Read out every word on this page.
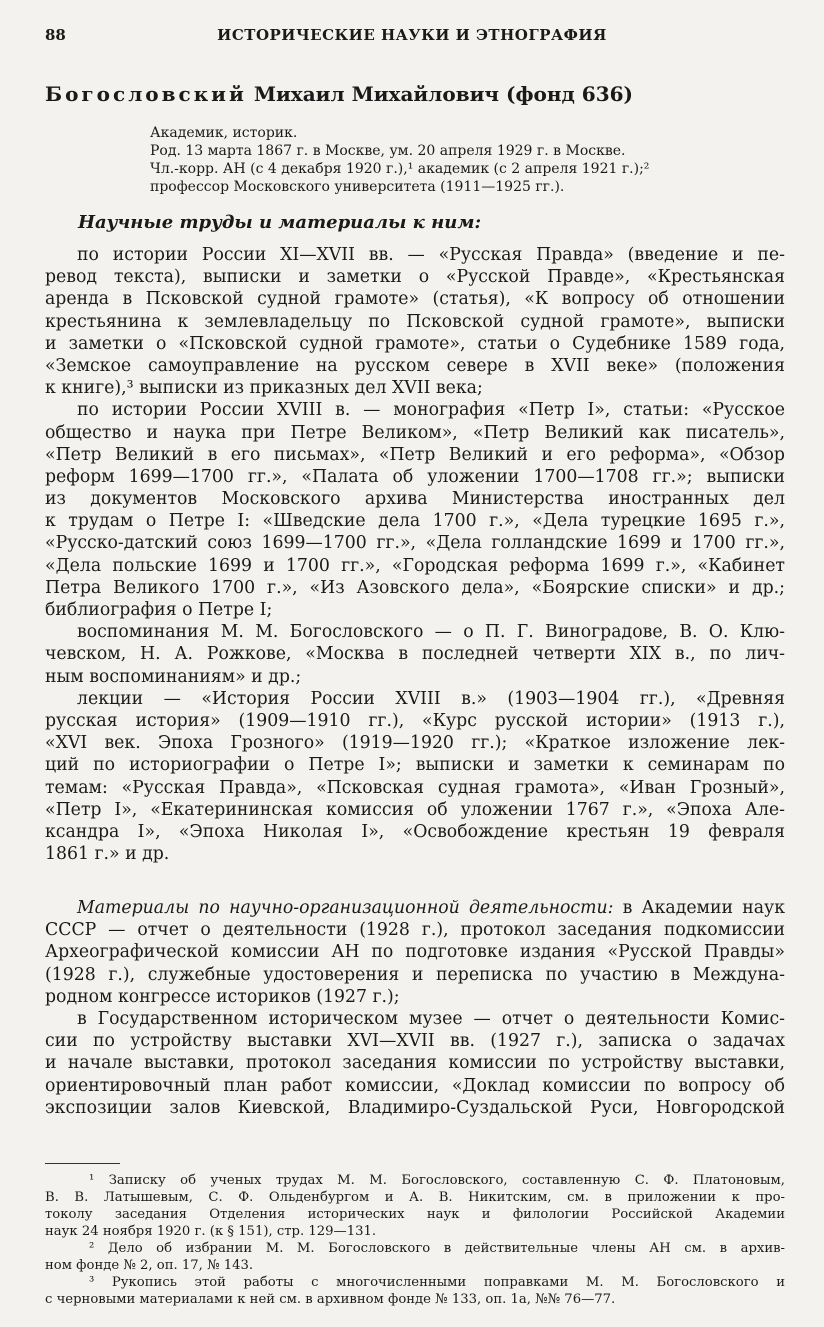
88	ИСТОРИЧЕСКИЕ НАУКИ И ЭТНОГРАФИЯ
Богословский Михаил Михайлович (фонд 636)
Академик, историк.
Род. 13 марта 1867 г. в Москве, ум. 20 апреля 1929 г. в Москве.
Чл.-корр. АН (с 4 декабря 1920 г.),¹ академик (с 2 апреля 1921 г.);²
профессор Московского университета (1911—1925 гг.).
Научные труды и материалы к ним:
по истории России XI—XVII вв. — «Русская Правда» (введение и пе-
ревод текста), выписки и заметки о «Русской Правде», «Крестьянская
аренда в Псковской судной грамоте» (статья), «К вопросу об отношении
крестьянина к землевладельцу по Псковской судной грамоте», выписки
и заметки о «Псковской судной грамоте», статьи о Судебнике 1589 года,
«Земское самоуправление на русском севере в XVII веке» (положения
к книге),³ выписки из приказных дел XVII века;
по истории России XVIII в. — монография «Петр I», статьи: «Русское
общество и наука при Петре Великом», «Петр Великий как писатель»,
«Петр Великий в его письмах», «Петр Великий и его реформа», «Обзор
реформ 1699—1700 гг.», «Палата об уложении 1700—1708 гг.»; выписки
из документов Московского архива Министерства иностранных дел
к трудам о Петре I: «Шведские дела 1700 г.», «Дела турецкие 1695 г.»,
«Русско-датский союз 1699—1700 гг.», «Дела голландские 1699 и 1700 гг.»,
«Дела польские 1699 и 1700 гг.», «Городская реформа 1699 г.», «Кабинет
Петра Великого 1700 г.», «Из Азовского дела», «Боярские списки» и др.;
библиография о Петре I;
воспоминания М. М. Богословского — о П. Г. Виноградове, В. О. Клю-
чевском, Н. А. Рожкове, «Москва в последней четверти XIX в., по лич-
ным воспоминаниям» и др.;
лекции — «История России XVIII в.» (1903—1904 гг.), «Древняя
русская история» (1909—1910 гг.), «Курс русской истории» (1913 г.),
«XVI век. Эпоха Грозного» (1919—1920 гг.); «Краткое изложение лек-
ций по историографии о Петре I»; выписки и заметки к семинарам по
темам: «Русская Правда», «Псковская судная грамота», «Иван Грозный»,
«Петр I», «Екатерининская комиссия об уложении 1767 г.», «Эпоха Але-
ксандра I», «Эпоха Николая I», «Освобождение крестьян 19 февраля
1861 г.» и др.
Материалы по научно-организационной деятельности: в Академии наук
СССР — отчет о деятельности (1928 г.), протокол заседания подкомиссии
Археографической комиссии АН по подготовке издания «Русской Правды»
(1928 г.), служебные удостоверения и переписка по участию в Междуна-
родном конгрессе историков (1927 г.);
в Государственном историческом музее — отчет о деятельности Комис-
сии по устройству выставки XVI—XVII вв. (1927 г.), записка о задачах
и начале выставки, протокол заседания комиссии по устройству выставки,
ориентировочный план работ комиссии, «Доклад комиссии по вопросу об
экспозиции залов Киевской, Владимиро-Суздальской Руси, Новгородской
¹ Записку об ученых трудах М. М. Богословского, составленную С. Ф. Платоновым,
В. В. Латышевым, С. Ф. Ольденбургом и А. В. Никитским, см. в приложении к про-
токолу заседания Отделения исторических наук и филологии Российской Академии
наук 24 ноября 1920 г. (к § 151), стр. 129—131.
² Дело об избрании М. М. Богословского в действительные члены АН см. в архив-
ном фонде № 2, оп. 17, № 143.
³ Рукопись этой работы с многочисленными поправками М. М. Богословского и
с черновыми материалами к ней см. в архивном фонде № 133, оп. 1а, №№ 76—77.
